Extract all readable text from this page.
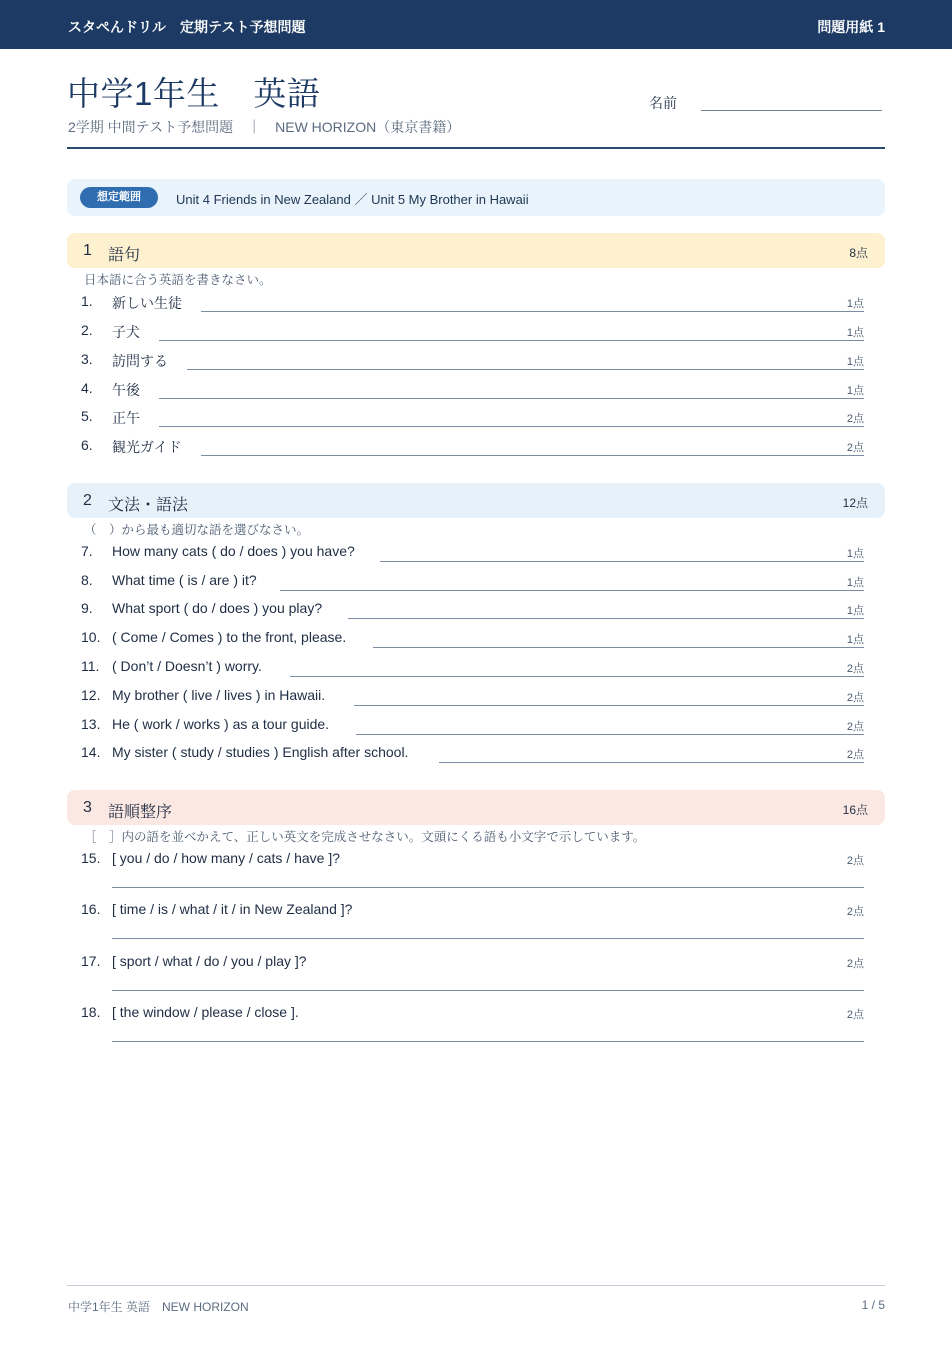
スタペんドリル　定期テスト予想問題	問題用紙 1
中学1年生　英語
2学期 中間テスト予想問題　｜　NEW HORIZON（東京書籍）
名前
想定範囲	Unit 4 Friends in New Zealand ／ Unit 5 My Brother in Hawaii
1 語句	8点
日本語に合う英語を書きなさい。
1. 新しい生徒	1点
2. 子犬	1点
3. 訪問する	1点
4. 午後	1点
5. 正午	2点
6. 観光ガイド	2点
2 文法・語法	12点
（　）から最も適切な語を選びなさい。
7. How many cats ( do / does ) you have?	1点
8. What time ( is / are ) it?	1点
9. What sport ( do / does ) you play?	1点
10. ( Come / Comes ) to the front, please.	1点
11. ( Don’t / Doesn’t ) worry.	2点
12. My brother ( live / lives ) in Hawaii.	2点
13. He ( work / works ) as a tour guide.	2点
14. My sister ( study / studies ) English after school.	2点
3 語順整序	16点
［　］内の語を並べかえて、正しい英文を完成させなさい。文頭にくる語も小文字で示しています。
15. [ you / do / how many / cats / have ]?	2点
16. [ time / is / what / it / in New Zealand ]?	2点
17. [ sport / what / do / you / play ]?	2点
18. [ the window / please / close ].	2点
中学1年生 英語　NEW HORIZON	1 / 5
